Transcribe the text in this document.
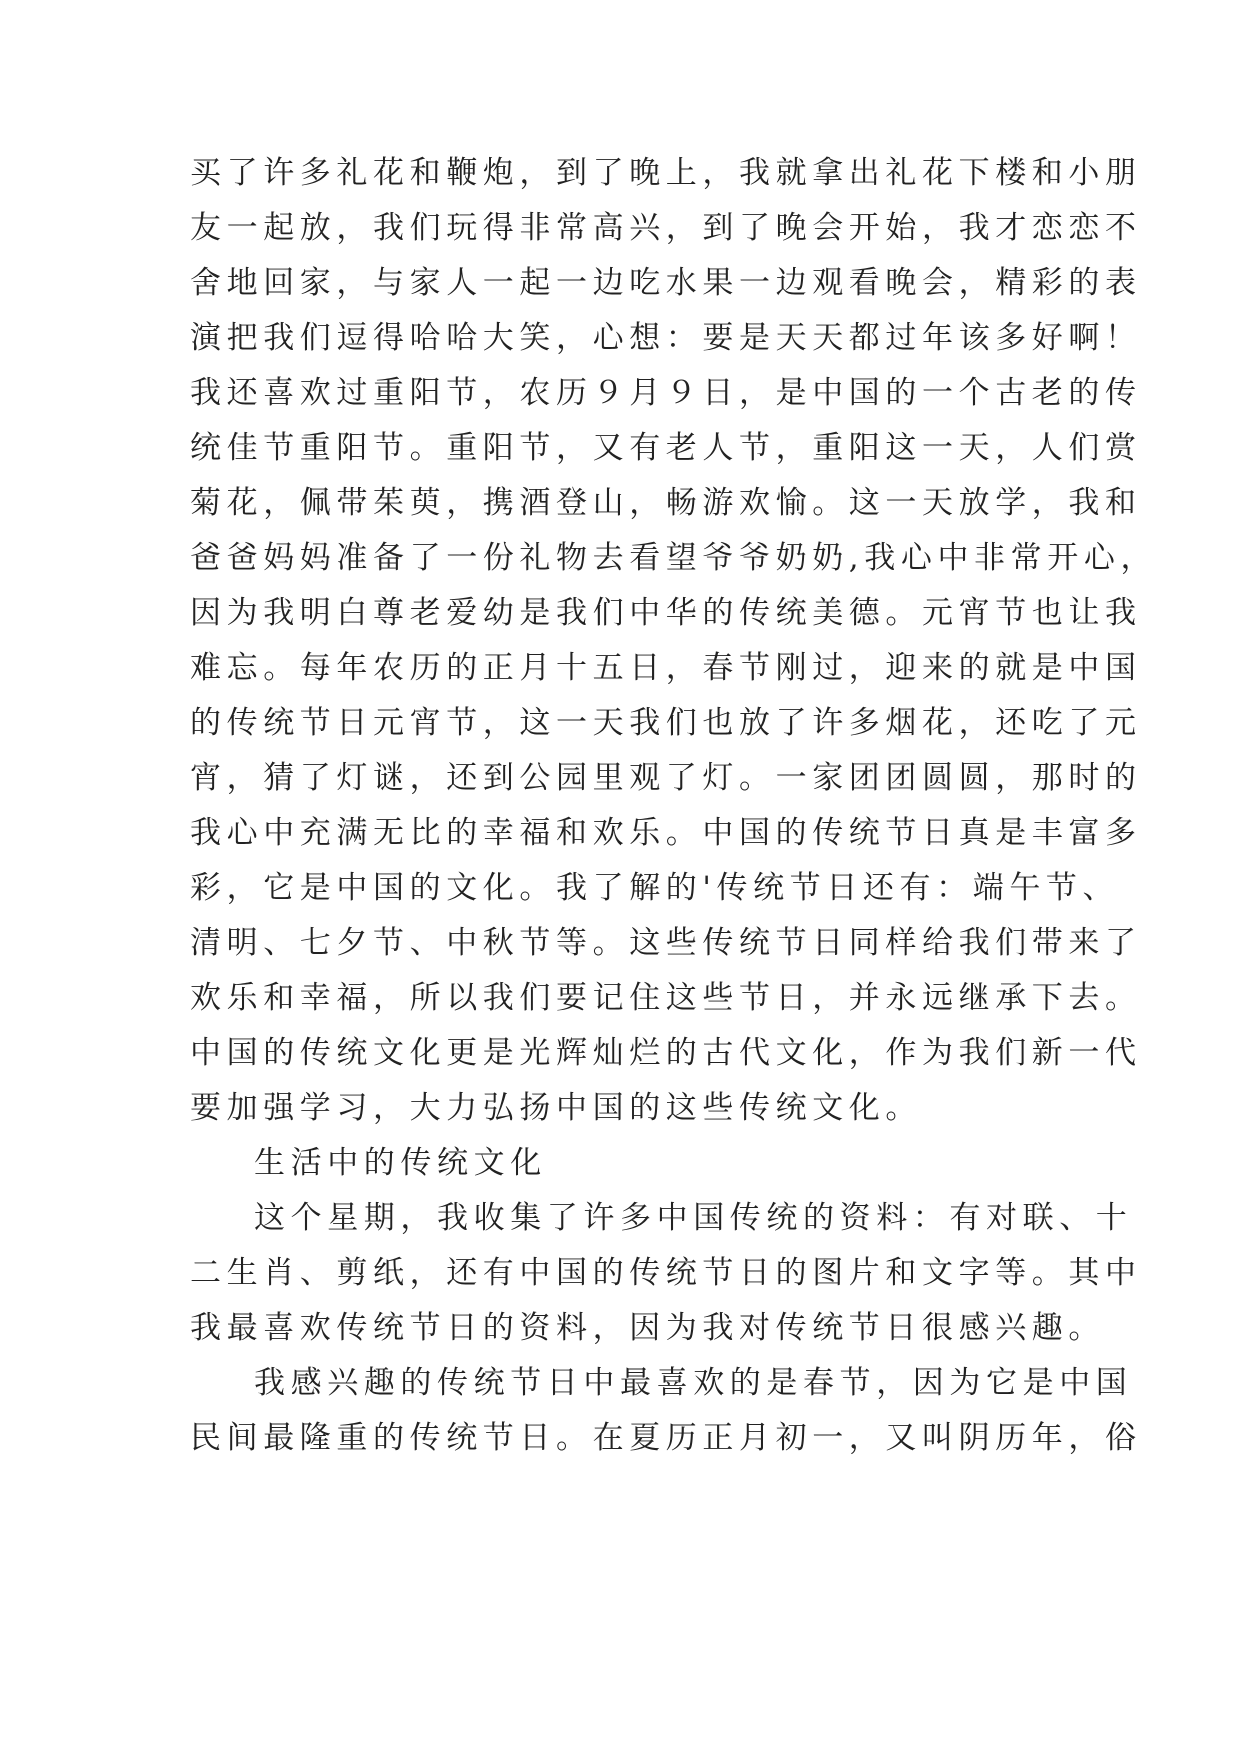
买了许多礼花和鞭炮，到了晚上，我就拿出礼花下楼和小朋
友一起放，我们玩得非常高兴，到了晚会开始，我才恋恋不
舍地回家，与家人一起一边吃水果一边观看晚会，精彩的表
演把我们逗得哈哈大笑，心想：要是天天都过年该多好啊！
我还喜欢过重阳节，农历９月９日，是中国的一个古老的传
统佳节重阳节。重阳节，又有老人节，重阳这一天，人们赏
菊花，佩带茱萸，携酒登山，畅游欢愉。这一天放学，我和
爸爸妈妈准备了一份礼物去看望爷爷奶奶,我心中非常开心，
因为我明白尊老爱幼是我们中华的传统美德。元宵节也让我
难忘。每年农历的正月十五日，春节刚过，迎来的就是中国
的传统节日元宵节，这一天我们也放了许多烟花，还吃了元
宵，猜了灯谜，还到公园里观了灯。一家团团圆圆，那时的
我心中充满无比的幸福和欢乐。中国的传统节日真是丰富多
彩，它是中国的文化。我了解的'传统节日还有：端午节、
清明、七夕节、中秋节等。这些传统节日同样给我们带来了
欢乐和幸福，所以我们要记住这些节日，并永远继承下去。
中国的传统文化更是光辉灿烂的古代文化，作为我们新一代
要加强学习，大力弘扬中国的这些传统文化。
生活中的传统文化
这个星期，我收集了许多中国传统的资料：有对联、十
二生肖、剪纸，还有中国的传统节日的图片和文字等。其中
我最喜欢传统节日的资料，因为我对传统节日很感兴趣。
我感兴趣的传统节日中最喜欢的是春节，因为它是中国
民间最隆重的传统节日。在夏历正月初一，又叫阴历年，俗
